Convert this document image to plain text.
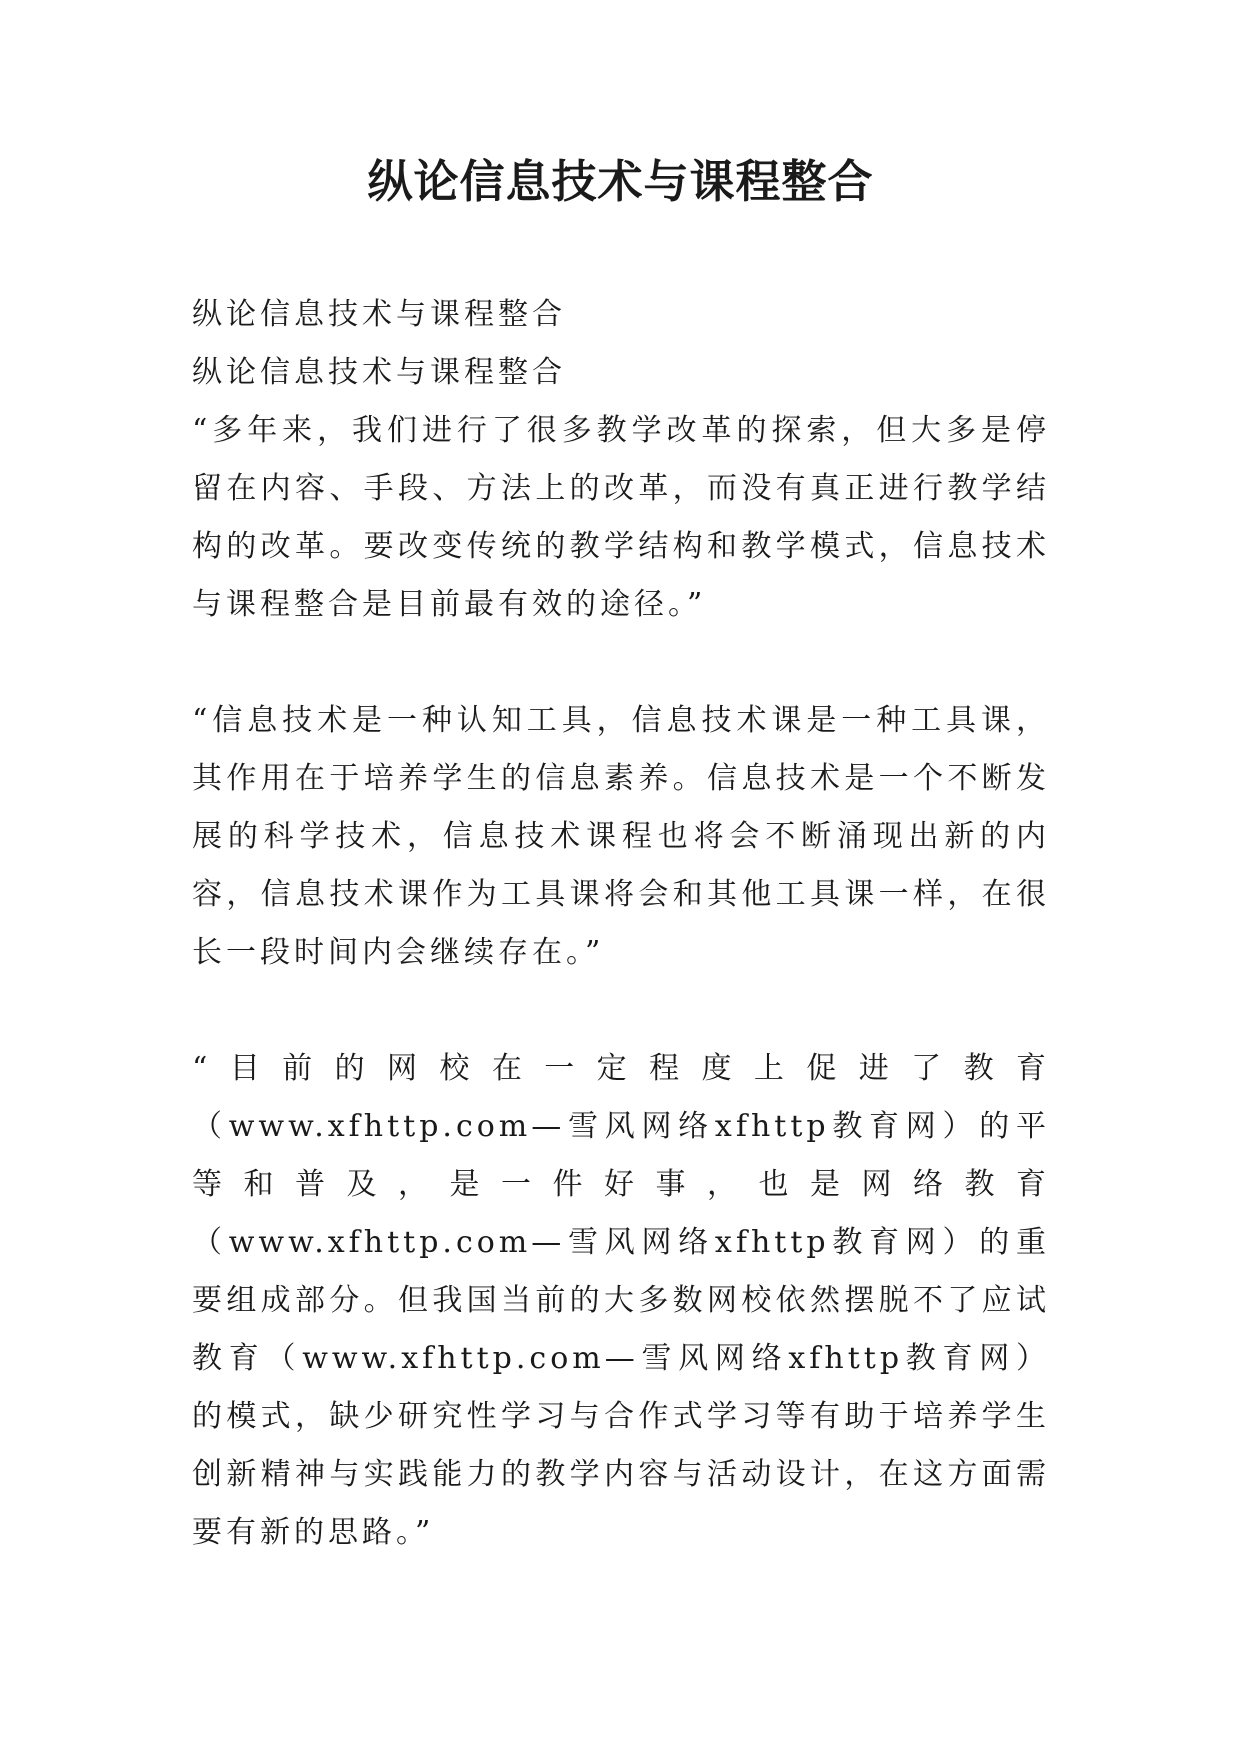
纵论信息技术与课程整合

纵论信息技术与课程整合

纵论信息技术与课程整合

“多年来，我们进行了很多教学改革的探索，但大多是停留在内容、手段、方法上的改革，而没有真正进行教学结构的改革。要改变传统的教学结构和教学模式，信息技术与课程整合是目前最有效的途径。”

“信息技术是一种认知工具，信息技术课是一种工具课，其作用在于培养学生的信息素养。信息技术是一个不断发展的科学技术，信息技术课程也将会不断涌现出新的内容，信息技术课作为工具课将会和其他工具课一样，在很长一段时间内会继续存在。”

“目前的网校在一定程度上促进了教育（www.xfhttp.com—雪风网络xfhttp教育网）的平等和普及，是一件好事，也是网络教育（www.xfhttp.com—雪风网络xfhttp教育网）的重要组成部分。但我国当前的大多数网校依然摆脱不了应试教育（www.xfhttp.com—雪风网络xfhttp教育网）的模式，缺少研究性学习与合作式学习等有助于培养学生创新精神与实践能力的教学内容与活动设计，在这方面需要有新的思路。”
